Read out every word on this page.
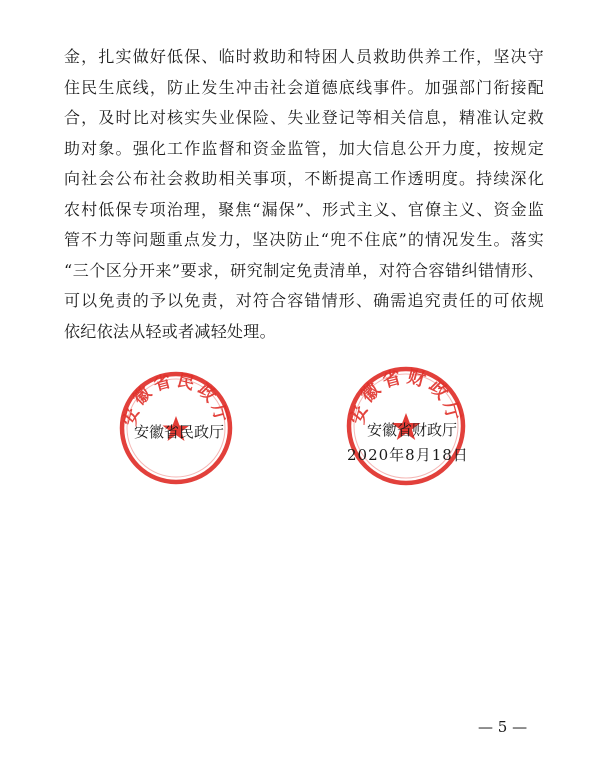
金，扎实做好低保、临时救助和特困人员救助供养工作，坚决守
住民生底线，防止发生冲击社会道德底线事件。加强部门衔接配
合，及时比对核实失业保险、失业登记等相关信息，精准认定救
助对象。强化工作监督和资金监管，加大信息公开力度，按规定
向社会公布社会救助相关事项，不断提高工作透明度。持续深化
农村低保专项治理，聚焦“漏保”、形式主义、官僚主义、资金监
管不力等问题重点发力，坚决防止“兜不住底”的情况发生。落实
“三个区分开来”要求，研究制定免责清单，对符合容错纠错情形、
可以免责的予以免责，对符合容错情形、确需追究责任的可依规
依纪依法从轻或者减轻处理。
安徽省民政厅	安徽省财政厅
安徽省民政厅	安徽省财政厅
2020年8月18日
— 5 —
